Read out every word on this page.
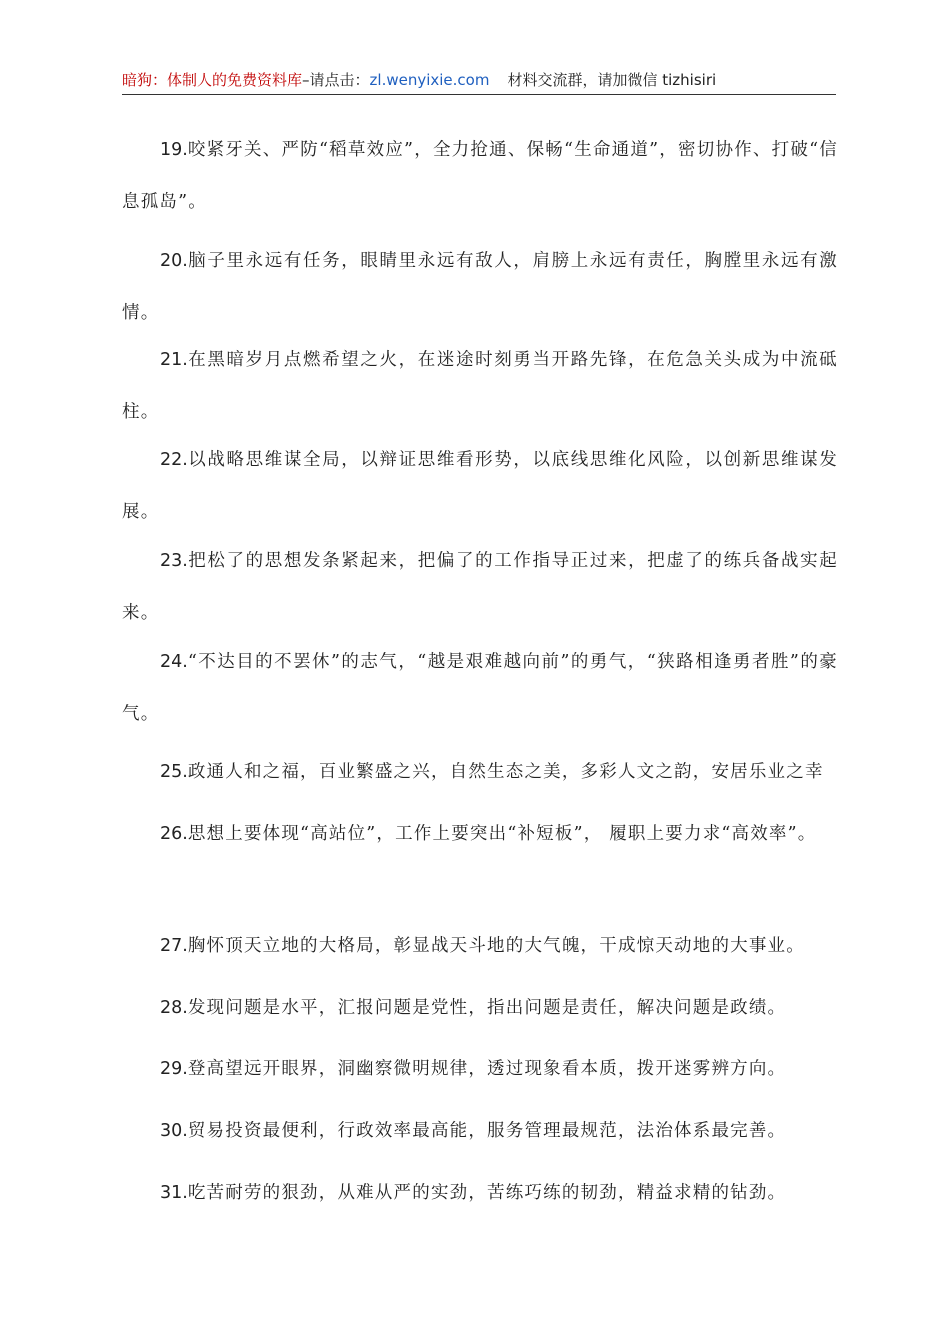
暗狗：体制人的免费资料库–请点击：zl.wenyixie.com 材料交流群，请加微信 tizhisiri

19.咬紧牙关、严防“稻草效应”，全力抢通、保畅“生命通道”，密切协作、打破“信息孤岛”。

20.脑子里永远有任务，眼睛里永远有敌人，肩膀上永远有责任，胸膛里永远有激情。

21.在黑暗岁月点燃希望之火，在迷途时刻勇当开路先锋，在危急关头成为中流砥柱。

22.以战略思维谋全局，以辩证思维看形势，以底线思维化风险，以创新思维谋发展。

23.把松了的思想发条紧起来，把偏了的工作指导正过来，把虚了的练兵备战实起来。

24.“不达目的不罢休”的志气，“越是艰难越向前”的勇气，“狭路相逢勇者胜”的豪气。

25.政通人和之福，百业繁盛之兴，自然生态之美，多彩人文之韵，安居乐业之幸

26.思想上要体现“高站位”，工作上要突出“补短板”， 履职上要力求“高效率”。

27.胸怀顶天立地的大格局，彰显战天斗地的大气魄，干成惊天动地的大事业。

28.发现问题是水平，汇报问题是党性，指出问题是责任，解决问题是政绩。

29.登高望远开眼界，洞幽察微明规律，透过现象看本质，拨开迷雾辨方向。

30.贸易投资最便利，行政效率最高能，服务管理最规范，法治体系最完善。

31.吃苦耐劳的狠劲，从难从严的实劲，苦练巧练的韧劲，精益求精的钻劲。
